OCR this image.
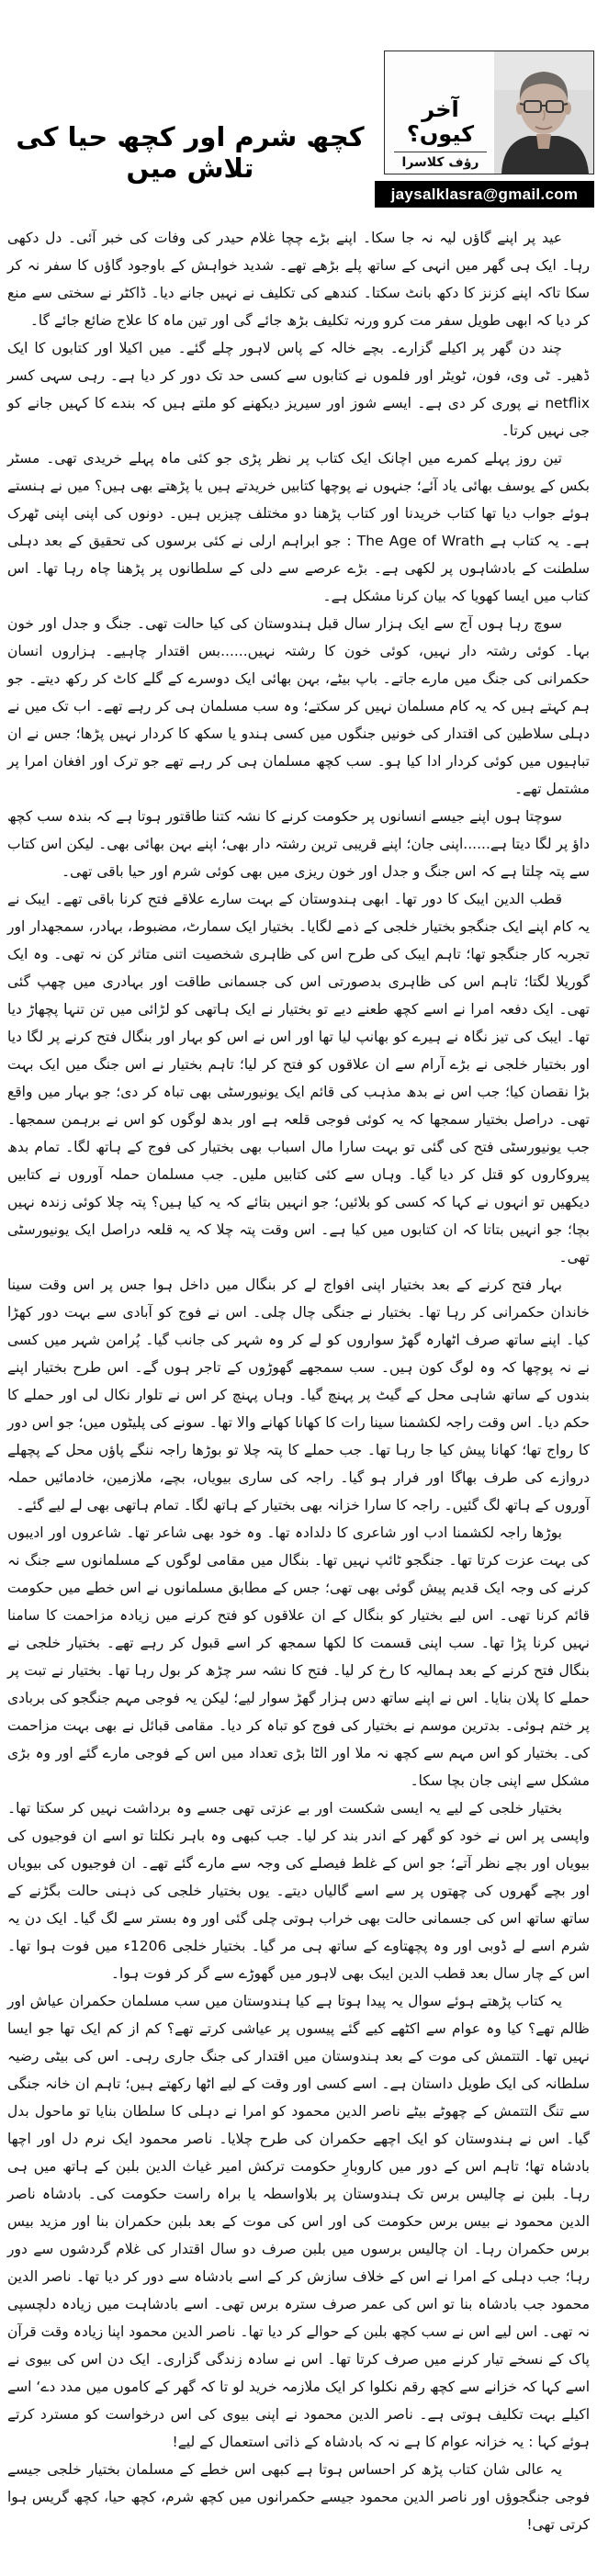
کچھ شرم اور کچھ حیا کی تلاش میں
آخر کیوں؟
رؤف کلاسرا
jaysalklasra@gmail.com

عید پر اپنے گاؤں لیہ نہ جا سکا۔ اپنے بڑے چچا غلام حیدر کی وفات کی خبر آئی۔ دل دکھی رہا۔ ایک ہی گھر میں انہی کے ساتھ پلے بڑھے تھے۔ شدید خواہش کے باوجود گاؤں کا سفر نہ کر سکا تاکہ اپنے کزنز کا دکھ بانٹ سکتا۔ کندھے کی تکلیف نے نہیں جانے دیا۔ ڈاکٹر نے سختی سے منع کر دیا کہ ابھی طویل سفر مت کرو ورنہ تکلیف بڑھ جائے گی اور تین ماہ کا علاج ضائع جائے گا۔

چند دن گھر پر اکیلے گزارے۔ بچے خالہ کے پاس لاہور چلے گئے۔ میں اکیلا اور کتابوں کا ایک ڈھیر۔ ٹی وی، فون، ٹویٹر اور فلموں نے کتابوں سے کسی حد تک دور کر دیا ہے۔ رہی سہی کسر netflix نے پوری کر دی ہے۔ ایسے شوز اور سیریز دیکھنے کو ملتے ہیں کہ بندے کا کہیں جانے کو جی نہیں کرتا۔

تین روز پہلے کمرے میں اچانک ایک کتاب پر نظر پڑی جو کئی ماہ پہلے خریدی تھی۔ مسٹر بکس کے یوسف بھائی یاد آئے؛ جنہوں نے پوچھا کتابیں خریدتے ہیں یا پڑھتے بھی ہیں؟ میں نے ہنستے ہوئے جواب دیا تھا کتاب خریدنا اور کتاب پڑھنا دو مختلف چیزیں ہیں۔ دونوں کی اپنی اپنی ٹھرک ہے۔ یہ کتاب ہے The Age of Wrath : جو ابراہم ارلی نے کئی برسوں کی تحقیق کے بعد دہلی سلطنت کے بادشاہوں پر لکھی ہے۔ بڑے عرصے سے دلی کے سلطانوں پر پڑھنا چاہ رہا تھا۔ اس کتاب میں ایسا کھویا کہ بیان کرنا مشکل ہے۔

سوچ رہا ہوں آج سے ایک ہزار سال قبل ہندوستان کی کیا حالت تھی۔ جنگ و جدل اور خون بہا۔ کوئی رشتہ دار نہیں، کوئی خون کا رشتہ نہیں......بس اقتدار چاہیے۔ ہزاروں انسان حکمرانی کی جنگ میں مارے جاتے۔ باپ بیٹے، بہن بھائی ایک دوسرے کے گلے کاٹ کر رکھ دیتے۔ جو ہم کہتے ہیں کہ یہ کام مسلمان نہیں کر سکتے؛ وہ سب مسلمان ہی کر رہے تھے۔ اب تک میں نے دہلی سلاطین کی اقتدار کی خونیں جنگوں میں کسی ہندو یا سکھ کا کردار نہیں پڑھا؛ جس نے ان تباہیوں میں کوئی کردار ادا کیا ہو۔ سب کچھ مسلمان ہی کر رہے تھے جو ترک اور افغان امرا پر مشتمل تھے۔

سوچتا ہوں اپنے جیسے انسانوں پر حکومت کرنے کا نشہ کتنا طاقتور ہوتا ہے کہ بندہ سب کچھ داؤ پر لگا دیتا ہے......اپنی جان؛ اپنے قریبی ترین رشتہ دار بھی؛ اپنے بہن بھائی بھی۔ لیکن اس کتاب سے پتہ چلتا ہے کہ اس جنگ و جدل اور خون ریزی میں بھی کوئی شرم اور حیا باقی تھی۔

قطب الدین ایبک کا دور تھا۔ ابھی ہندوستان کے بہت سارے علاقے فتح کرنا باقی تھے۔ ایبک نے یہ کام اپنے ایک جنگجو بختیار خلجی کے ذمے لگایا۔ بختیار ایک سمارٹ، مضبوط، بہادر، سمجھدار اور تجربہ کار جنگجو تھا؛ تاہم ایبک کی طرح اس کی ظاہری شخصیت اتنی متاثر کن نہ تھی۔ وہ ایک گوریلا لگتا؛ تاہم اس کی ظاہری بدصورتی اس کی جسمانی طاقت اور بہادری میں چھپ گئی تھی۔ ایک دفعہ امرا نے اسے کچھ طعنے دیے تو بختیار نے ایک ہاتھی کو لڑائی میں تن تنہا پچھاڑ دیا تھا۔ ایبک کی تیز نگاہ نے ہیرے کو بھانپ لیا تھا اور اس نے اس کو بہار اور بنگال فتح کرنے پر لگا دیا اور بختیار خلجی نے بڑے آرام سے ان علاقوں کو فتح کر لیا؛ تاہم بختیار نے اس جنگ میں ایک بہت بڑا نقصان کیا؛ جب اس نے بدھ مذہب کی قائم ایک یونیورسٹی بھی تباہ کر دی؛ جو بہار میں واقع تھی۔ دراصل بختیار سمجھا کہ یہ کوئی فوجی قلعہ ہے اور بدھ لوگوں کو اس نے برہمن سمجھا۔ جب یونیورسٹی فتح کی گئی تو بہت سارا مال اسباب بھی بختیار کی فوج کے ہاتھ لگا۔ تمام بدھ پیروکاروں کو قتل کر دیا گیا۔ وہاں سے کئی کتابیں ملیں۔ جب مسلمان حملہ آوروں نے کتابیں دیکھیں تو انہوں نے کہا کہ کسی کو بلائیں؛ جو انہیں بتائے کہ یہ کیا ہیں؟ پتہ چلا کوئی زندہ نہیں بچا؛ جو انہیں بتاتا کہ ان کتابوں میں کیا ہے۔ اس وقت پتہ چلا کہ یہ قلعہ دراصل ایک یونیورسٹی تھی۔

بہار فتح کرنے کے بعد بختیار اپنی افواج لے کر بنگال میں داخل ہوا جس پر اس وقت سینا خاندان حکمرانی کر رہا تھا۔ بختیار نے جنگی چال چلی۔ اس نے فوج کو آبادی سے بہت دور کھڑا کیا۔ اپنے ساتھ صرف اٹھارہ گھڑ سواروں کو لے کر وہ شہر کی جانب گیا۔ پُرامن شہر میں کسی نے نہ پوچھا کہ وہ لوگ کون ہیں۔ سب سمجھے گھوڑوں کے تاجر ہوں گے۔ اس طرح بختیار اپنے بندوں کے ساتھ شاہی محل کے گیٹ پر پہنچ گیا۔ وہاں پہنچ کر اس نے تلوار نکال لی اور حملے کا حکم دیا۔ اس وقت راجہ لکشمنا سینا رات کا کھانا کھانے والا تھا۔ سونے کی پلیٹوں میں؛ جو اس دور کا رواج تھا؛ کھانا پیش کیا جا رہا تھا۔ جب حملے کا پتہ چلا تو بوڑھا راجہ ننگے پاؤں محل کے پچھلے دروازے کی طرف بھاگا اور فرار ہو گیا۔ راجہ کی ساری بیویاں، بچے، ملازمین، خادمائیں حملہ آوروں کے ہاتھ لگ گئیں۔ راجہ کا سارا خزانہ بھی بختیار کے ہاتھ لگا۔ تمام ہاتھی بھی لے لیے گئے۔

بوڑھا راجہ لکشمنا ادب اور شاعری کا دلدادہ تھا۔ وہ خود بھی شاعر تھا۔ شاعروں اور ادیبوں کی بہت عزت کرتا تھا۔ جنگجو ٹائپ نہیں تھا۔ بنگال میں مقامی لوگوں کے مسلمانوں سے جنگ نہ کرنے کی وجہ ایک قدیم پیش گوئی بھی تھی؛ جس کے مطابق مسلمانوں نے اس خطے میں حکومت قائم کرنا تھی۔ اس لیے بختیار کو بنگال کے ان علاقوں کو فتح کرنے میں زیادہ مزاحمت کا سامنا نہیں کرنا پڑا تھا۔ سب اپنی قسمت کا لکھا سمجھ کر اسے قبول کر رہے تھے۔ بختیار خلجی نے بنگال فتح کرنے کے بعد ہمالیہ کا رخ کر لیا۔ فتح کا نشہ سر چڑھ کر بول رہا تھا۔ بختیار نے تبت پر حملے کا پلان بنایا۔ اس نے اپنے ساتھ دس ہزار گھڑ سوار لیے؛ لیکن یہ فوجی مہم جنگجو کی بربادی پر ختم ہوئی۔ بدترین موسم نے بختیار کی فوج کو تباہ کر دیا۔ مقامی قبائل نے بھی بہت مزاحمت کی۔ بختیار کو اس مہم سے کچھ نہ ملا اور الٹا بڑی تعداد میں اس کے فوجی مارے گئے اور وہ بڑی مشکل سے اپنی جان بچا سکا۔

بختیار خلجی کے لیے یہ ایسی شکست اور بے عزتی تھی جسے وہ برداشت نہیں کر سکتا تھا۔ واپسی پر اس نے خود کو گھر کے اندر بند کر لیا۔ جب کبھی وہ باہر نکلتا تو اسے ان فوجیوں کی بیویاں اور بچے نظر آتے؛ جو اس کے غلط فیصلے کی وجہ سے مارے گئے تھے۔ ان فوجیوں کی بیویاں اور بچے گھروں کی چھتوں پر سے اسے گالیاں دیتے۔ یوں بختیار خلجی کی ذہنی حالت بگڑنے کے ساتھ ساتھ اس کی جسمانی حالت بھی خراب ہوتی چلی گئی اور وہ بستر سے لگ گیا۔ ایک دن یہ شرم اسے لے ڈوبی اور وہ پچھتاوے کے ساتھ ہی مر گیا۔ بختیار خلجی 1206ء میں فوت ہوا تھا۔ اس کے چار سال بعد قطب الدین ایبک بھی لاہور میں گھوڑے سے گر کر فوت ہوا۔

یہ کتاب پڑھتے ہوئے سوال یہ پیدا ہوتا ہے کیا ہندوستان میں سب مسلمان حکمران عیاش اور ظالم تھے؟ کیا وہ عوام سے اکٹھے کیے گئے پیسوں پر عیاشی کرتے تھے؟ کم از کم ایک تھا جو ایسا نہیں تھا۔ التتمش کی موت کے بعد ہندوستان میں اقتدار کی جنگ جاری رہی۔ اس کی بیٹی رضیہ سلطانہ کی ایک طویل داستان ہے۔ اسے کسی اور وقت کے لیے اٹھا رکھتے ہیں؛ تاہم ان خانہ جنگی سے تنگ التتمش کے چھوٹے بیٹے ناصر الدین محمود کو امرا نے دہلی کا سلطان بنایا تو ماحول بدل گیا۔ اس نے ہندوستان کو ایک اچھے حکمران کی طرح چلایا۔ ناصر محمود ایک نرم دل اور اچھا بادشاہ تھا؛ تاہم اس کے دور میں کاروبارِ حکومت ترکش امیر غیاث الدین بلبن کے ہاتھ میں ہی رہا۔ بلبن نے چالیس برس تک ہندوستان پر بلاواسطہ یا براہ راست حکومت کی۔ بادشاہ ناصر الدین محمود نے بیس برس حکومت کی اور اس کی موت کے بعد بلبن حکمران بنا اور مزید بیس برس حکمران رہا۔ ان چالیس برسوں میں بلبن صرف دو سال اقتدار کی غلام گردشوں سے دور رہا؛ جب دہلی کے امرا نے اس کے خلاف سازش کر کے اسے بادشاہ سے دور کر دیا تھا۔ ناصر الدین محمود جب بادشاہ بنا تو اس کی عمر صرف سترہ برس تھی۔ اسے بادشاہت میں زیادہ دلچسپی نہ تھی۔ اس لیے اس نے سب کچھ بلبن کے حوالے کر دیا تھا۔ ناصر الدین محمود اپنا زیادہ وقت قرآن پاک کے نسخے تیار کرنے میں صرف کرتا تھا۔ اس نے سادہ زندگی گزاری۔ ایک دن اس کی بیوی نے اسے کہا کہ خزانے سے کچھ رقم نکلوا کر ایک ملازمہ خرید لو تا کہ گھر کے کاموں میں مدد دے‘ اسے اکیلے بہت تکلیف ہوتی ہے۔ ناصر الدین محمود نے اپنی بیوی کی اس درخواست کو مسترد کرتے ہوئے کہا : یہ خزانہ عوام کا ہے نہ کہ بادشاہ کے ذاتی استعمال کے لیے!

یہ عالی شان کتاب پڑھ کر احساس ہوتا ہے کبھی اس خطے کے مسلمان بختیار خلجی جیسے فوجی جنگجوؤں اور ناصر الدین محمود جیسے حکمرانوں میں کچھ شرم، کچھ حیا، کچھ گریس ہوا کرتی تھی!
